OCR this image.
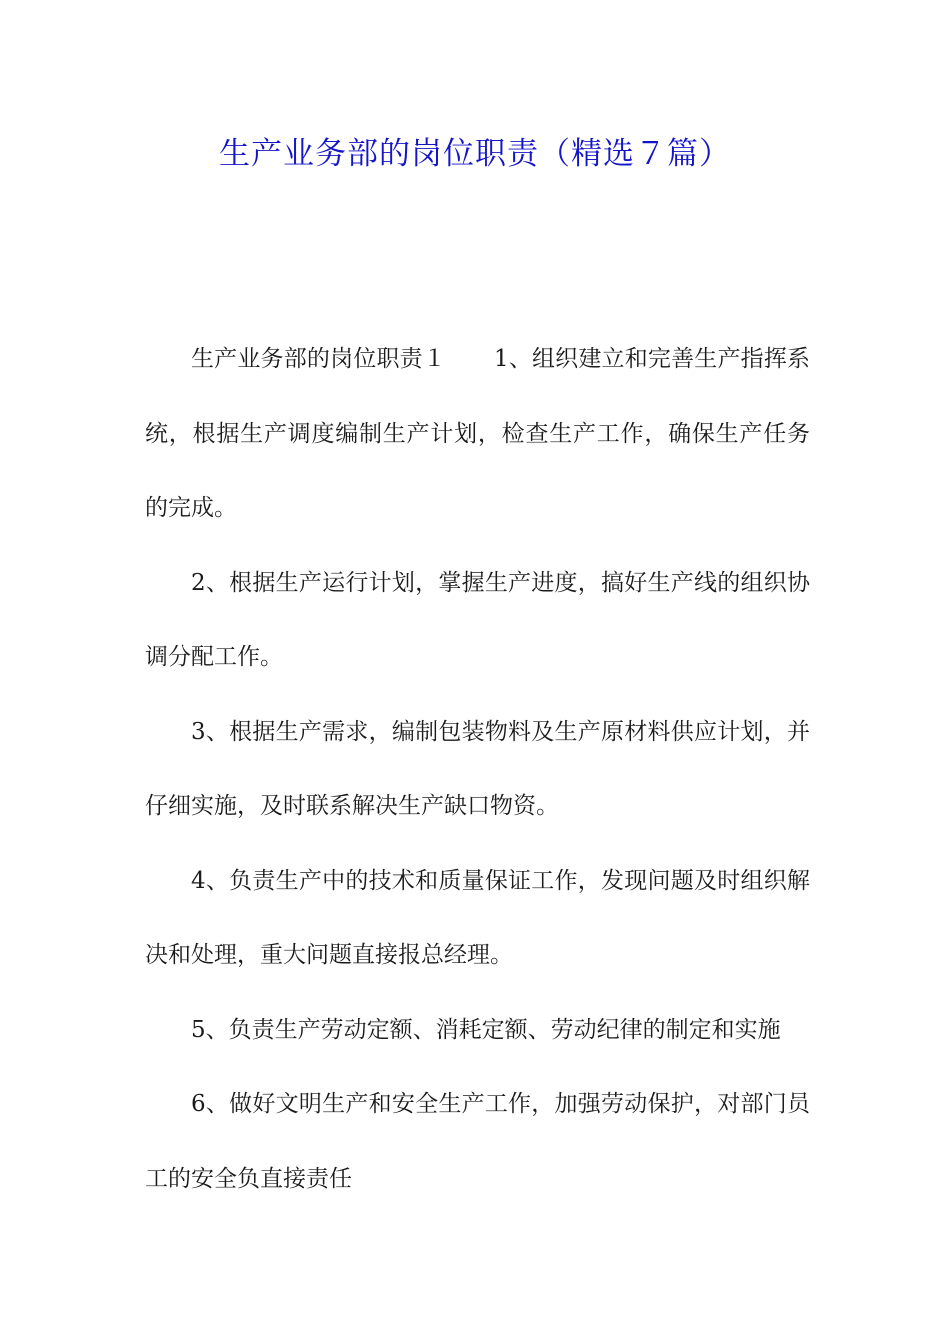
生产业务部的岗位职责（精选７篇）

生产业务部的岗位职责１ 1、组织建立和完善生产指挥系统，根据生产调度编制生产计划，检查生产工作，确保生产任务的完成。

2、根据生产运行计划，掌握生产进度，搞好生产线的组织协调分配工作。

3、根据生产需求，编制包装物料及生产原材料供应计划，并仔细实施，及时联系解决生产缺口物资。

4、负责生产中的技术和质量保证工作，发现问题及时组织解决和处理，重大问题直接报总经理。

5、负责生产劳动定额、消耗定额、劳动纪律的制定和实施

6、做好文明生产和安全生产工作，加强劳动保护，对部门员工的安全负直接责任
